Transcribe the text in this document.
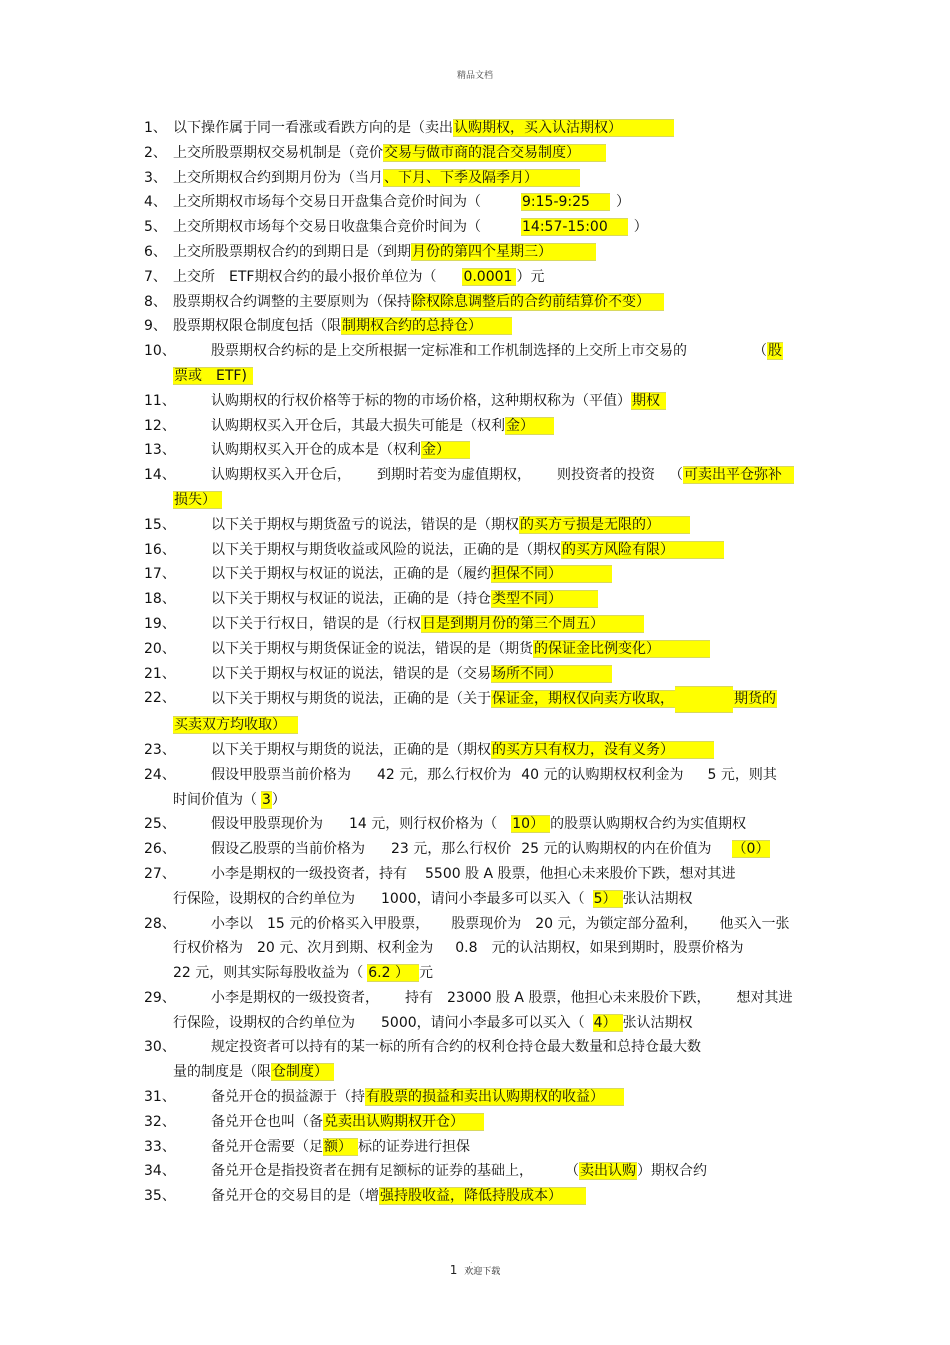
精品文档
1、 以下操作属于同一看涨或看跌方向的是（卖出认购期权，买入认沽期权）
2、 上交所股票期权交易机制是（竞价交易与做市商的混合交易制度）
3、 上交所期权合约到期月份为（当月、下月、下季及隔季月）
4、 上交所期权市场每个交易日开盘集合竞价时间为（	9:15-9:25 ）
5、 上交所期权市场每个交易日收盘集合竞价时间为（	14:57-15:00 ）
6、 上交所股票期权合约的到期日是（到期月份的第四个星期三）
7、 上交所　ETF期权合约的最小报价单位为（ 0.0001 ）元
8、 股票期权合约调整的主要原则为（保持除权除息调整后的合约前结算价不变）
9、 股票期权限仓制度包括（限制期权合约的总持仓）
10、	股票期权合约标的是上交所根据一定标准和工作机制选择的上交所上市交易的	（股
票或　ETF)
11、	认购期权的行权价格等于标的物的市场价格，这种期权称为（平值）期权
12、	认购期权买入开仓后，其最大损失可能是（权利金）
13、	认购期权买入开仓的成本是（权利金）
14、	认购期权买入开仓后， 到期时若变为虚值期权， 则投资者的投资 （可卖出平仓弥补
损失）
15、	以下关于期权与期货盈亏的说法，错误的是（期权的买方亏损是无限的）
16、	以下关于期权与期货收益或风险的说法，正确的是（期权的买方风险有限）
17、	以下关于期权与权证的说法，正确的是（履约担保不同）
18、	以下关于期权与权证的说法，正确的是（持仓类型不同）
19、	以下关于行权日，错误的是（行权日是到期月份的第三个周五）
20、	以下关于期权与期货保证金的说法，错误的是（期货的保证金比例变化）
21、	以下关于期权与权证的说法，错误的是（交易场所不同）
22、	以下关于期权与期货的说法，正确的是（关于保证金，期权仅向卖方收取，	期货的
买卖双方均收取）
23、	以下关于期权与期货的说法，正确的是（期权的买方只有权力，没有义务）
24、	假设甲股票当前价格为 42 元，那么行权价为 40 元的认购期权权利金为 5 元，则其
时间价值为（ 3）
25、	假设甲股票现价为 14 元，则行权价格为（ 10） 的股票认购期权合约为实值期权
26、	假设乙股票的当前价格为 23 元，那么行权价 25 元的认购期权的内在价值为 （0）
27、	小李是期权的一级投资者，持有 5500 股 A 股票，他担心未来股价下跌，想对其进
行保险，设期权的合约单位为 1000，请问小李最多可以买入（ 5） 张认沽期权
28、	小李以　15 元的价格买入甲股票， 股票现价为　20 元，为锁定部分盈利， 他买入一张
行权价格为　20 元、次月到期、权利金为 0.8　元的认沽期权，如果到期时，股票价格为
22 元，则其实际每股收益为（ 6.2 ） 元
29、	小李是期权的一级投资者， 持有　23000 股 A 股票，他担心未来股价下跌， 想对其进
行保险，设期权的合约单位为 5000，请问小李最多可以买入（ 4） 张认沽期权
30、	规定投资者可以持有的某一标的所有合约的权利仓持仓最大数量和总持仓最大数
量的制度是（限仓制度）
31、	备兑开仓的损益源于（持有股票的损益和卖出认购期权的收益）
32、	备兑开仓也叫（备兑卖出认购期权开仓）
33、	备兑开仓需要（足额） 标的证券进行担保
34、	备兑开仓是指投资者在拥有足额标的证券的基础上， （卖出认购）期权合约
35、	备兑开仓的交易目的是（增强持股收益，降低持股成本）
.
1 欢迎下载
